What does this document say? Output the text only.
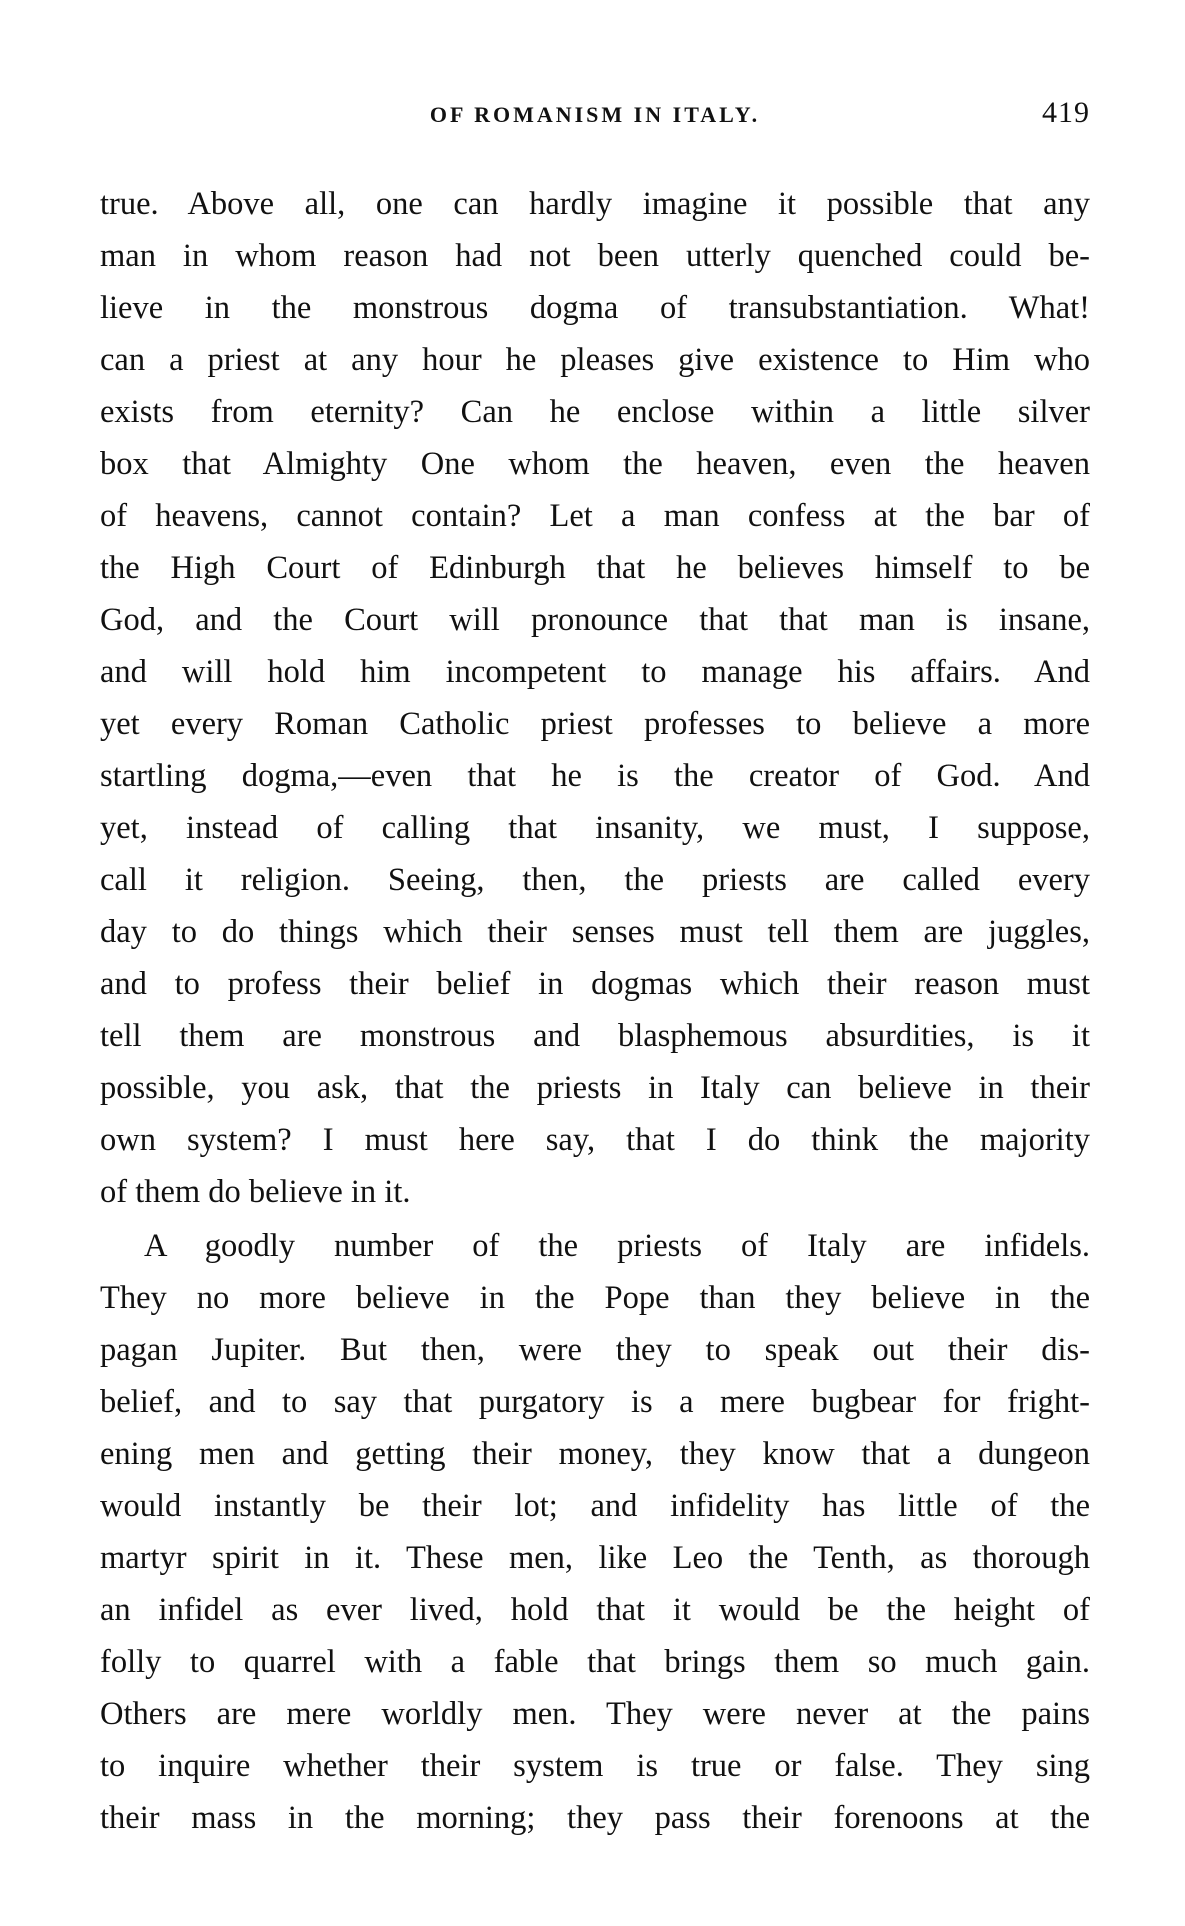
OF ROMANISM IN ITALY.	419
true. Above all, one can hardly imagine it possible that any
man in whom reason had not been utterly quenched could be-
lieve in the monstrous dogma of transubstantiation. What!
can a priest at any hour he pleases give existence to Him who
exists from eternity? Can he enclose within a little silver
box that Almighty One whom the heaven, even the heaven
of heavens, cannot contain? Let a man confess at the bar of
the High Court of Edinburgh that he believes himself to be
God, and the Court will pronounce that that man is insane,
and will hold him incompetent to manage his affairs. And
yet every Roman Catholic priest professes to believe a more
startling dogma,—even that he is the creator of God. And
yet, instead of calling that insanity, we must, I suppose,
call it religion. Seeing, then, the priests are called every
day to do things which their senses must tell them are juggles,
and to profess their belief in dogmas which their reason must
tell them are monstrous and blasphemous absurdities, is it
possible, you ask, that the priests in Italy can believe in their
own system? I must here say, that I do think the majority
of them do believe in it.
A goodly number of the priests of Italy are infidels.
They no more believe in the Pope than they believe in the
pagan Jupiter. But then, were they to speak out their dis-
belief, and to say that purgatory is a mere bugbear for fright-
ening men and getting their money, they know that a dungeon
would instantly be their lot; and infidelity has little of the
martyr spirit in it. These men, like Leo the Tenth, as thorough
an infidel as ever lived, hold that it would be the height of
folly to quarrel with a fable that brings them so much gain.
Others are mere worldly men. They were never at the pains
to inquire whether their system is true or false. They sing
their mass in the morning; they pass their forenoons at the
